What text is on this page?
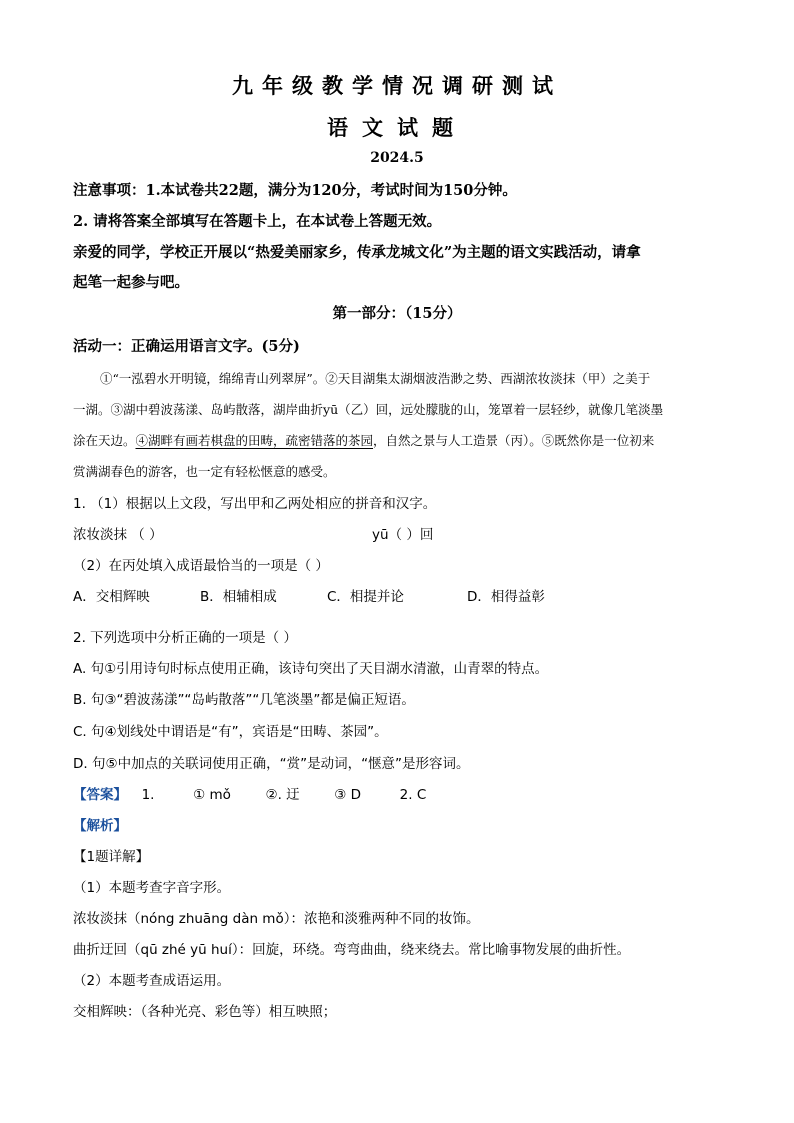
九年级教学情况调研测试
语文试题
2024.5
注意事项：1.本试卷共22题，满分为120分，考试时间为150分钟。
2. 请将答案全部填写在答题卡上，在本试卷上答题无效。
亲爱的同学，学校正开展以“热爱美丽家乡，传承龙城文化”为主题的语文实践活动，请拿
起笔一起参与吧。
第一部分：（15分）
活动一：正确运用语言文字。(5分)
①“一泓碧水开明镜，绵绵青山列翠屏”。②天目湖集太湖烟波浩渺之势、西湖浓妆淡抹（甲）之美于
一湖。③湖中碧波荡漾、岛屿散落，湖岸曲折yū（乙）回，远处朦胧的山，笼罩着一层轻纱，就像几笔淡墨
涂在天边。④湖畔有画若棋盘的田畴，疏密错落的茶园，自然之景与人工造景（丙）。⑤既然你是一位初来
赏满湖春色的游客，也一定有轻松惬意的感受。
1. （1）根据以上文段，写出甲和乙两处相应的拼音和汉字。
浓妆淡抹 （ ）	yū（ ）回
（2）在丙处填入成语最恰当的一项是（ ）
A．交相辉映	B．相辅相成	C．相提并论	D．相得益彰
2. 下列选项中分析正确的一项是（ ）
A. 句①引用诗句时标点使用正确，该诗句突出了天目湖水清澈，山青翠的特点。
B. 句③“碧波荡漾”“岛屿散落”“几笔淡墨”都是偏正短语。
C. 句④划线处中谓语是“有”，宾语是“田畴、茶园”。
D. 句⑤中加点的关联词使用正确，“赏”是动词，“惬意”是形容词。
【答案】 1.	① mǒ	②. 迂	③ D	2. C
【解析】
【1题详解】
（1）本题考查字音字形。
浓妆淡抹（nóng zhuāng dàn mǒ）：浓艳和淡雅两种不同的妆饰。
曲折迂回（qū zhé yū huí）：回旋，环绕。弯弯曲曲，绕来绕去。常比喻事物发展的曲折性。
（2）本题考查成语运用。
交相辉映：（各种光亮、彩色等）相互映照；
